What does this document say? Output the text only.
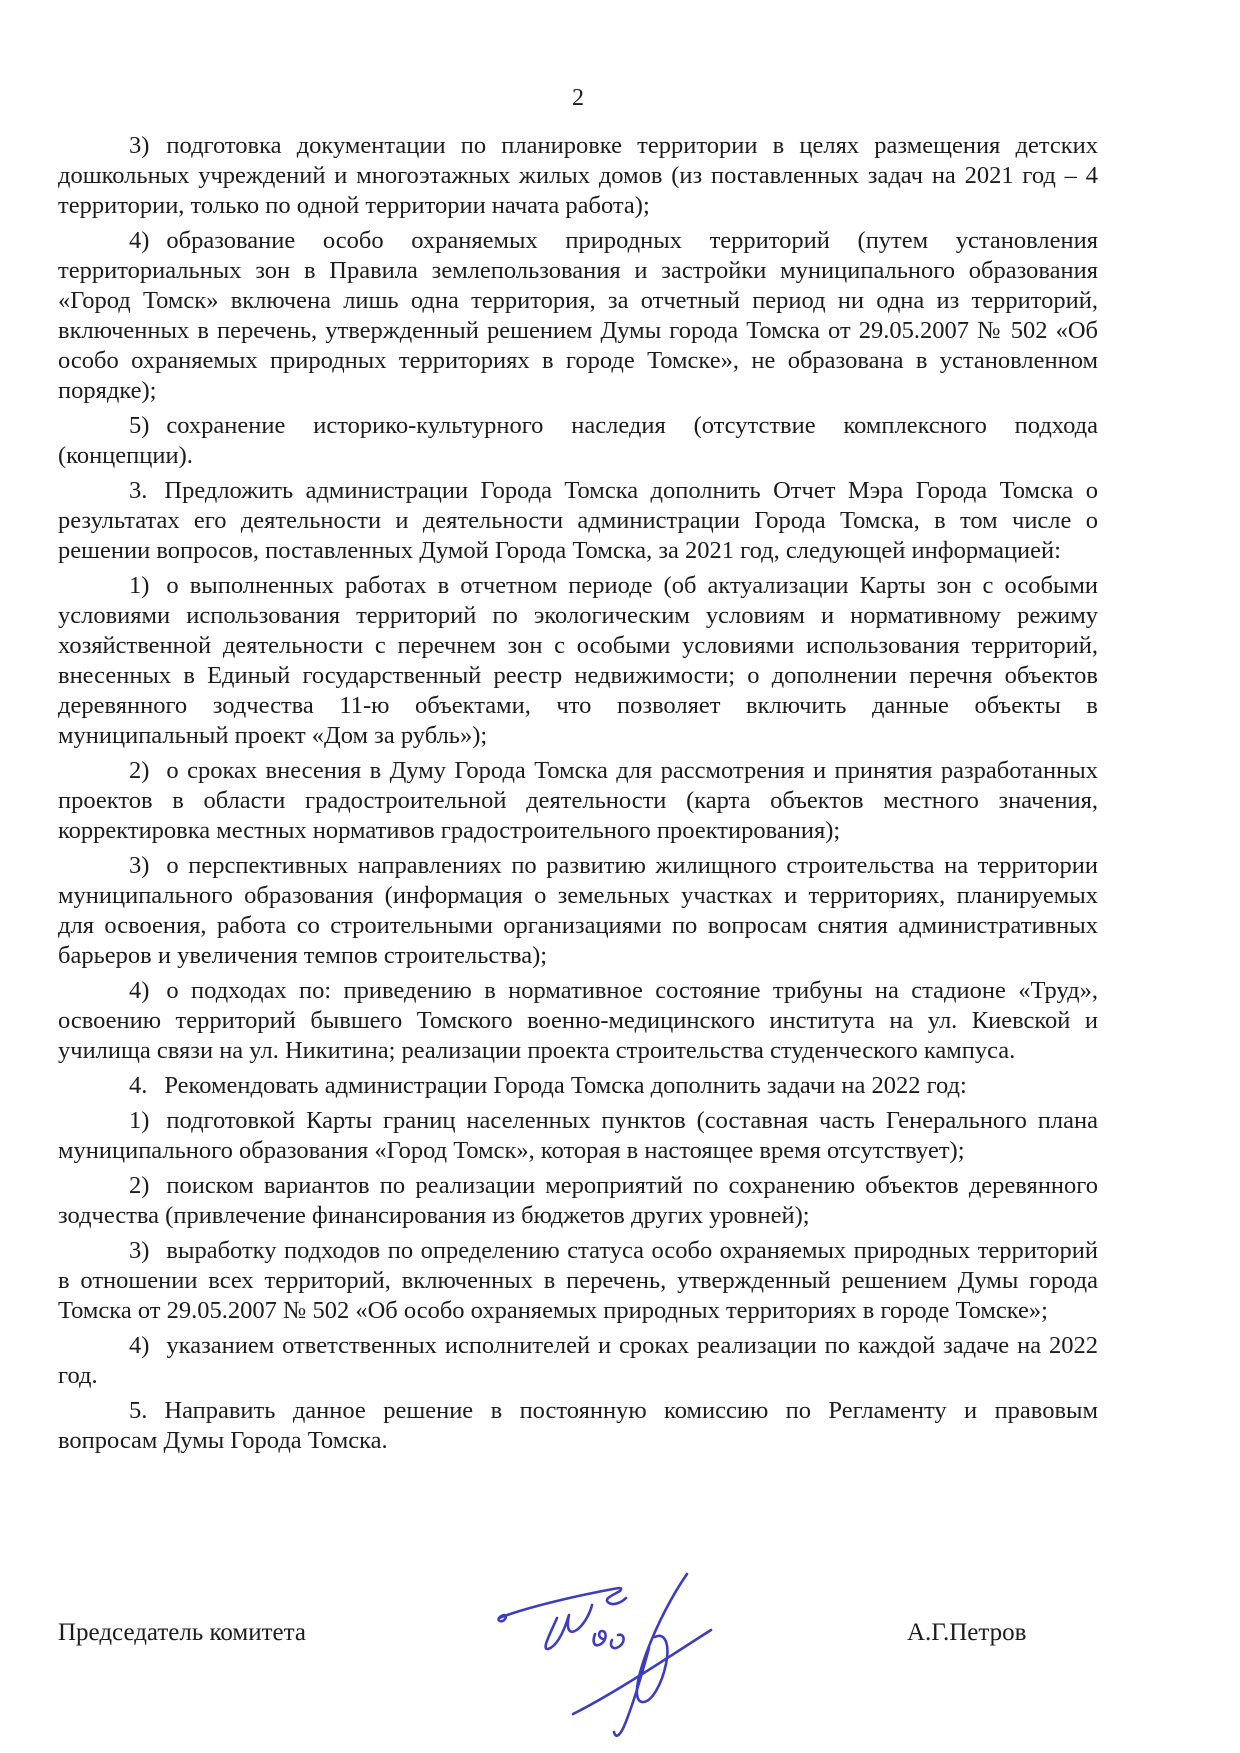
2

3) подготовка документации по планировке территории в целях размещения детских дошкольных учреждений и многоэтажных жилых домов (из поставленных задач на 2021 год – 4 территории, только по одной территории начата работа);

4) образование особо охраняемых природных территорий (путем установления территориальных зон в Правила землепользования и застройки муниципального образования «Город Томск» включена лишь одна территория, за отчетный период ни одна из территорий, включенных в перечень, утвержденный решением Думы города Томска от 29.05.2007 № 502 «Об особо охраняемых природных территориях в городе Томске», не образована в установленном порядке);

5) сохранение историко-культурного наследия (отсутствие комплексного подхода (концепции).

3. Предложить администрации Города Томска дополнить Отчет Мэра Города Томска о результатах его деятельности и деятельности администрации Города Томска, в том числе о решении вопросов, поставленных Думой Города Томска, за 2021 год, следующей информацией:

1) о выполненных работах в отчетном периоде (об актуализации Карты зон с особыми условиями использования территорий по экологическим условиям и нормативному режиму хозяйственной деятельности с перечнем зон с особыми условиями использования территорий, внесенных в Единый государственный реестр недвижимости; о дополнении перечня объектов деревянного зодчества 11-ю объектами, что позволяет включить данные объекты в муниципальный проект «Дом за рубль»);

2) о сроках внесения в Думу Города Томска для рассмотрения и принятия разработанных проектов в области градостроительной деятельности (карта объектов местного значения, корректировка местных нормативов градостроительного проектирования);

3) о перспективных направлениях по развитию жилищного строительства на территории муниципального образования (информация о земельных участках и территориях, планируемых для освоения, работа со строительными организациями по вопросам снятия административных барьеров и увеличения темпов строительства);

4) о подходах по: приведению в нормативное состояние трибуны на стадионе «Труд», освоению территорий бывшего Томского военно-медицинского института на ул. Киевской и училища связи на ул. Никитина; реализации проекта строительства студенческого кампуса.

4. Рекомендовать администрации Города Томска дополнить задачи на 2022 год:

1) подготовкой Карты границ населенных пунктов (составная часть Генерального плана муниципального образования «Город Томск», которая в настоящее время отсутствует);

2) поиском вариантов по реализации мероприятий по сохранению объектов деревянного зодчества (привлечение финансирования из бюджетов других уровней);

3) выработку подходов по определению статуса особо охраняемых природных территорий в отношении всех территорий, включенных в перечень, утвержденный решением Думы города Томска от 29.05.2007 № 502 «Об особо охраняемых природных территориях в городе Томске»;

4) указанием ответственных исполнителей и сроках реализации по каждой задаче на 2022 год.

5. Направить данное решение в постоянную комиссию по Регламенту и правовым вопросам Думы Города Томска.

Председатель комитета	А.Г.Петров
